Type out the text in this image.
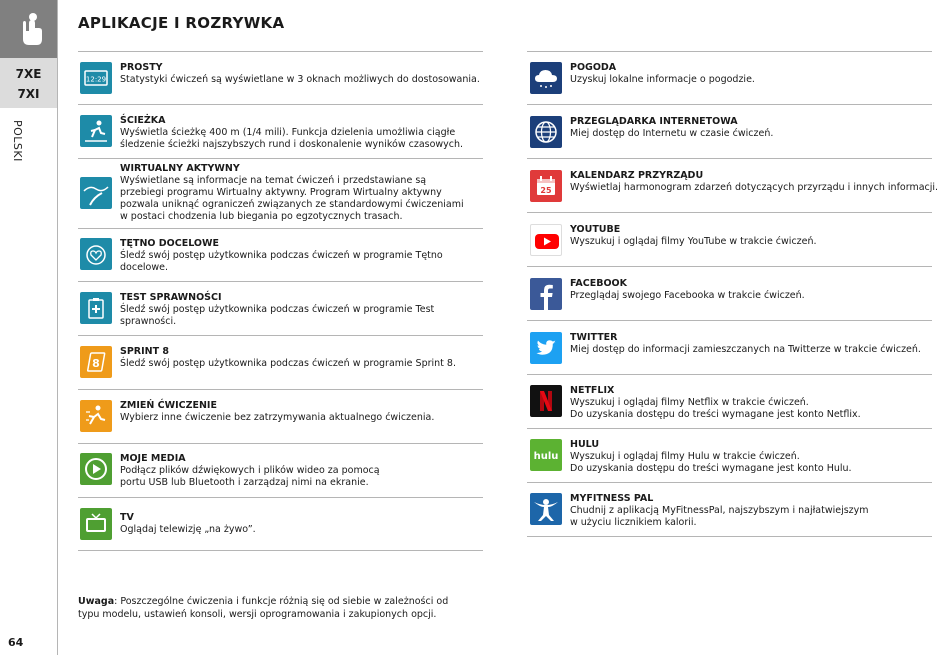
7XE
7XI
POLSKI
64
APLIKACJE I ROZRYWKA
12:29

PROSTY

Statystyki ćwiczeń są wyświetlane w 3 oknach możliwych do dostosowania.

ŚCIEŻKA

Wyświetla ścieżkę 400 m (1/4 mili). Funkcja dzielenia umożliwia ciągłe

śledzenie ścieżki najszybszych rund i doskonalenie wyników czasowych.

WIRTUALNY AKTYWNY

Wyświetlane są informacje na temat ćwiczeń i przedstawiane są

przebiegi programu Wirtualny aktywny. Program Wirtualny aktywny

pozwala uniknąć ograniczeń związanych ze standardowymi ćwiczeniami

w postaci chodzenia lub biegania po egzotycznych trasach.

TĘTNO DOCELOWE

Śledź swój postęp użytkownika podczas ćwiczeń w programie Tętno docelowe.

TEST SPRAWNOŚCI

Śledź swój postęp użytkownika podczas ćwiczeń w programie Test sprawności.

8

SPRINT 8

Śledź swój postęp użytkownika podczas ćwiczeń w programie Sprint 8.

ZMIEŃ ĆWICZENIE

Wybierz inne ćwiczenie bez zatrzymywania aktualnego ćwiczenia.

MOJE MEDIA

Podłącz plików dźwiękowych i plików wideo za pomocą

portu USB lub Bluetooth i zarządzaj nimi na ekranie.

TV

Oglądaj telewizję „na żywo”.

POGODA

Uzyskuj lokalne informacje o pogodzie.

PRZEGLĄDARKA INTERNETOWA

Miej dostęp do Internetu w czasie ćwiczeń.

25

KALENDARZ PRZYRZĄDU

Wyświetlaj harmonogram zdarzeń dotyczących przyrządu i innych informacji.

YOUTUBE

Wyszukuj i oglądaj filmy YouTube w trakcie ćwiczeń.

FACEBOOK

Przeglądaj swojego Facebooka w trakcie ćwiczeń.

TWITTER

Miej dostęp do informacji zamieszczanych na Twitterze w trakcie ćwiczeń.

NETFLIX

Wyszukuj i oglądaj filmy Netflix w trakcie ćwiczeń.

Do uzyskania dostępu do treści wymagane jest konto Netflix.

hulu

HULU

Wyszukuj i oglądaj filmy Hulu w trakcie ćwiczeń.

Do uzyskania dostępu do treści wymagane jest konto Hulu.

MYFITNESS PAL

Chudnij z aplikacją MyFitnessPal, najszybszym i najłatwiejszym

w użyciu licznikiem kalorii.

Uwaga: Poszczególne ćwiczenia i funkcje różnią się od siebie w zależności od
typu modelu, ustawień konsoli, wersji oprogramowania i zakupionych opcji.
